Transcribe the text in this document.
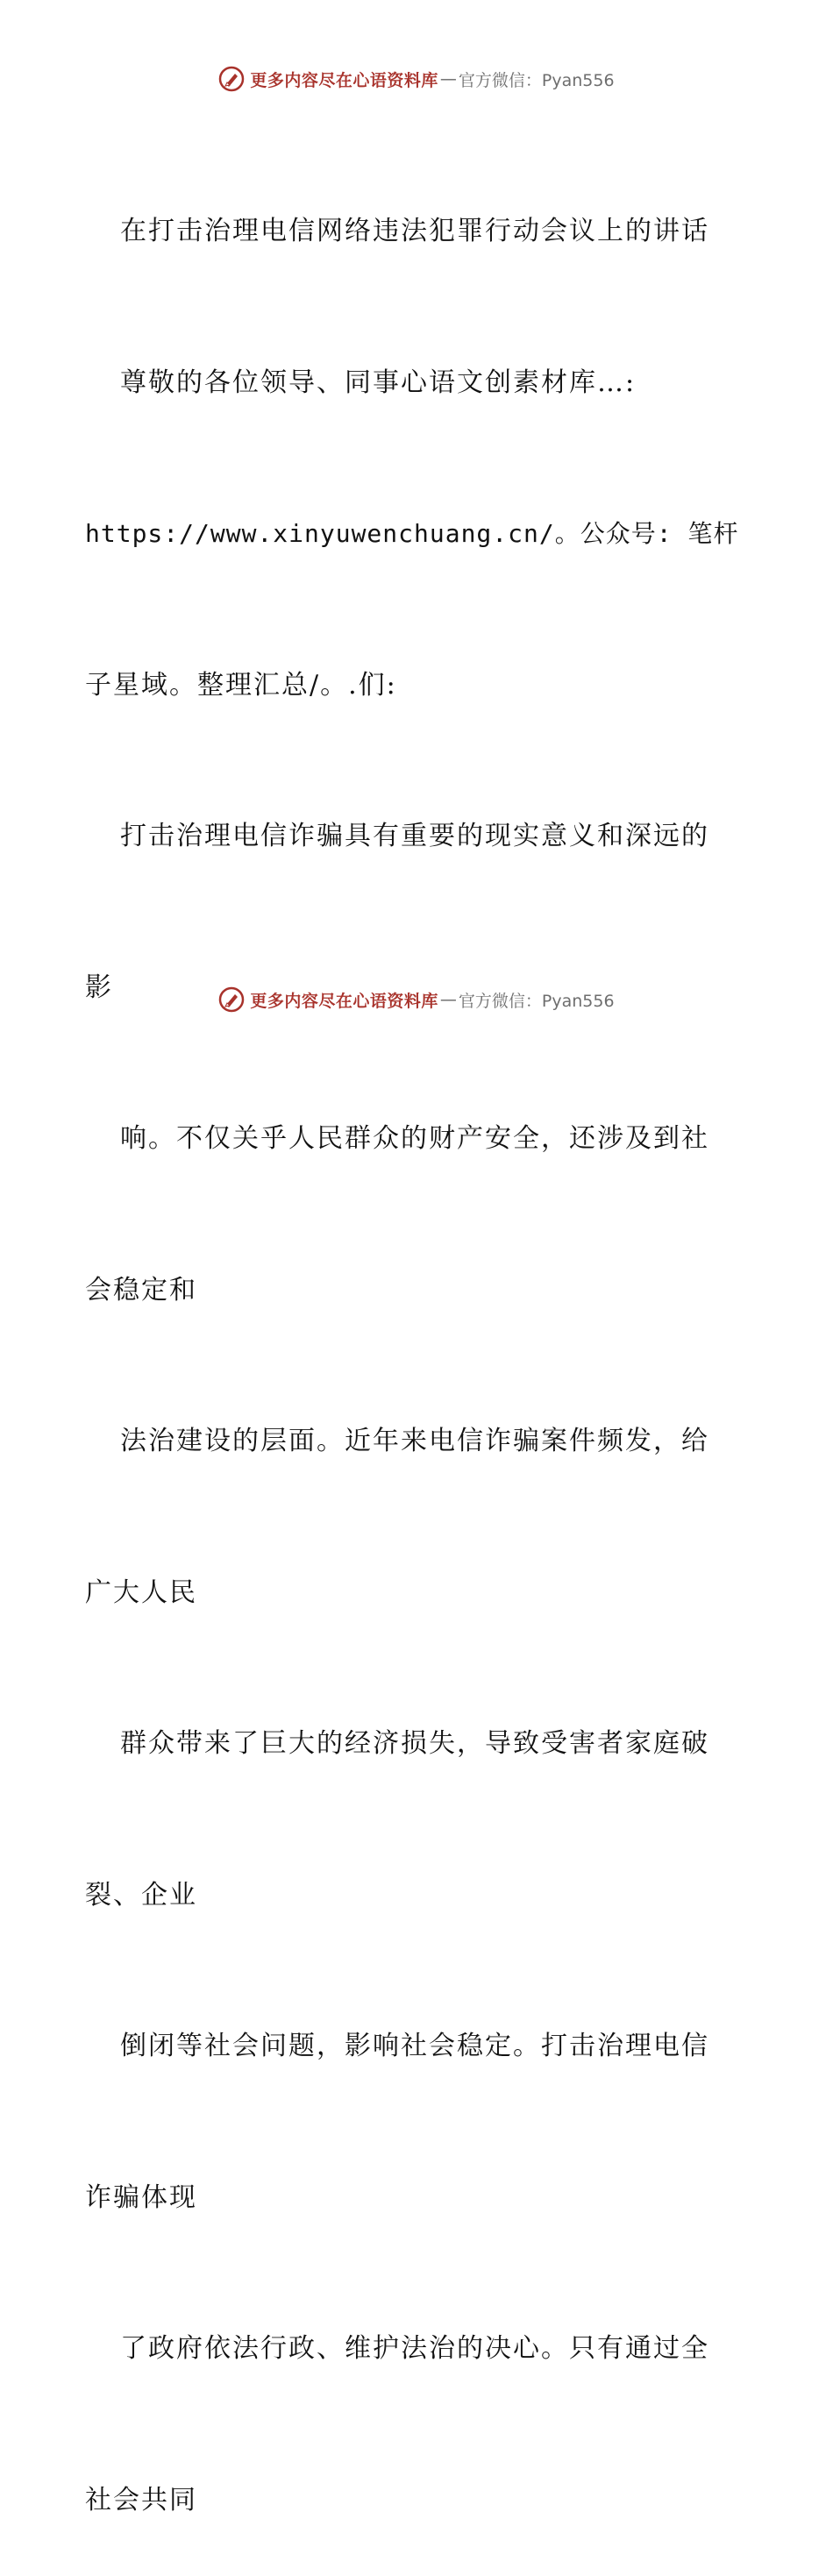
更多内容尽在心语资料库 — 官方微信：Pyan556

在打击治理电信网络违法犯罪行动会议上的讲话

尊敬的各位领导、同事心语文创素材库…:

https://www.xinyuwenchuang.cn/。公众号: 笔杆

子星域。整理汇总/。.们:

打击治理电信诈骗具有重要的现实意义和深远的

影

响。不仅关乎人民群众的财产安全，还涉及到社

会稳定和

法治建设的层面。近年来电信诈骗案件频发，给

广大人民

群众带来了巨大的经济损失，导致受害者家庭破

裂、企业

倒闭等社会问题，影响社会稳定。打击治理电信

诈骗体现

了政府依法行政、维护法治的决心。只有通过全

社会共同

更多内容尽在心语资料库 — 官方微信：Pyan556
